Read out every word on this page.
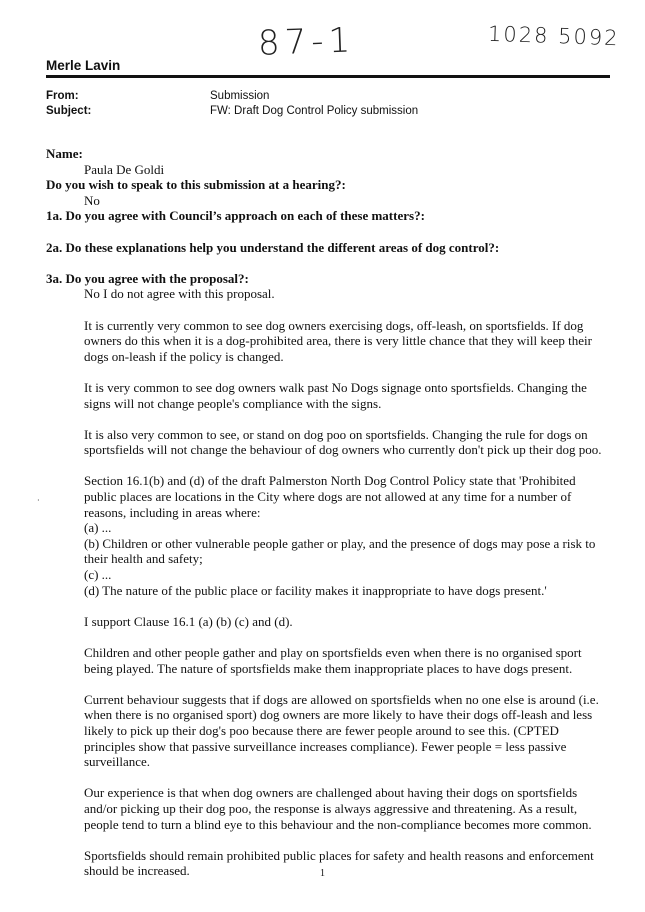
87-1	1028 5092
Merle Lavin
From:	Submission
Subject:	FW: Draft Dog Control Policy submission
·

Name:

Paula De Goldi

Do you wish to speak to this submission at a hearing?:

No

1a. Do you agree with Council’s approach on each of these matters?:

2a. Do these explanations help you understand the different areas of dog control?:

3a. Do you agree with the proposal?:

No I do not agree with this proposal.

It is currently very common to see dog owners exercising dogs, off-leash, on sportsfields. If dog owners do this when it is a dog-prohibited area, there is very little chance that they will keep their dogs on-leash if the policy is changed.

It is very common to see dog owners walk past No Dogs signage onto sportsfields. Changing the signs will not change people's compliance with the signs.

It is also very common to see, or stand on dog poo on sportsfields. Changing the rule for dogs on sportsfields will not change the behaviour of dog owners who currently don't pick up their dog poo.

Section 16.1(b) and (d) of the draft Palmerston North Dog Control Policy state that 'Prohibited public places are locations in the City where dogs are not allowed at any time for a number of reasons, including in areas where:
(a) ...
(b) Children or other vulnerable people gather or play, and the presence of dogs may pose a risk to their health and safety;
(c) ...
(d) The nature of the public place or facility makes it inappropriate to have dogs present.'

I support Clause 16.1 (a) (b) (c) and (d).

Children and other people gather and play on sportsfields even when there is no organised sport being played. The nature of sportsfields make them inappropriate places to have dogs present.

Current behaviour suggests that if dogs are allowed on sportsfields when no one else is around (i.e. when there is no organised sport) dog owners are more likely to have their dogs off-leash and less likely to pick up their dog's poo because there are fewer people around to see this. (CPTED principles show that passive surveillance increases compliance). Fewer people = less passive surveillance.

Our experience is that when dog owners are challenged about having their dogs on sportsfields and/or picking up their dog poo, the response is always aggressive and threatening. As a result, people tend to turn a blind eye to this behaviour and the non-compliance becomes more common.

Sportsfields should remain prohibited public places for safety and health reasons and enforcement should be increased.	1
